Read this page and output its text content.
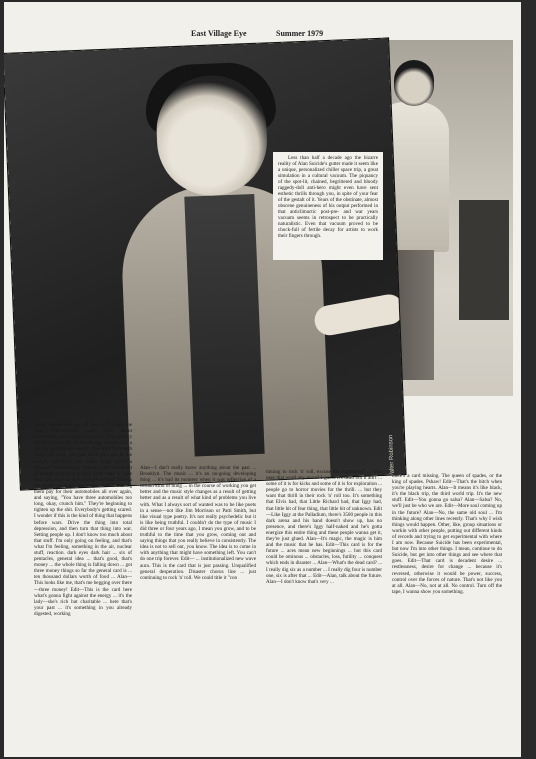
East Village Eye	Summer 1979
Walter Robinson
Less than half a decade ago the bizarre reality of Alan Suicide's gutter made it seem like a unique, personalized chiller space trip, a great simulation in a cultural vacuum. The piquancy of the spot-lit, chained, begrittered and bloody raggedy-doll anti-hero might even have sent esthetic thrills through you, in spite of your fear of the gestalt of it. Years of the obstinate, almost obscene genuineness of his output performed in that anticlimactic post-pre- and war years vacuum seems in retrospect to be practically naturalistic. Even that vacuum proved to be chock-full of fertile decay for artists to work their fingers through.

whistl teevee and get all their info from the tube. Edit—Before, wars were about boundaries, land, religion, politics. This century has been basically about energy, so they put a war on and through energy. You don't fight with troops on land, you just don't give gas to the people, and that's war. Alan—Yeah, there's a sense of mobilization, directing the movement of people according to how They want it. Take their gas away so they can't get around. Pull up the world pipelines, get people in line making them pay for their automobiles all over again, and saying, "You have three automobiles too long, okay, crunch him." They're beginning to tighten up the shit. Everybody's getting scared. I wonder if this is the kind of thing that happens before wars. Drive the thing into total depression, and then turn that thing into war. Setting people up. I don't know too much about that stuff. I'm only going on feeling, and that's what I'm feeling, something in the air, nuclear stuff, reaction. dark eyes dark hair ... six of pentacles, general idea ... that's good, that's money ... the whole thing is falling down ... got three money things so far the general card is ... ten thousand dollars worth of food ... Alan—This looks like me, that's me begging over there—three money! Edit—This is the card here what's gonna fight against the energy ... it's the lady—she's rich but charitable ... here that's your past ... it's something in you already digested, working

Alan—I don't really know anything about the past ... Brooklyn. The music ... it's an on-going developing thing ... it's had its moment when it was reflective of a certain kind of thing ... in the course of working you get better and the music style changes as a result of getting better and as a result of what kind of problems you live with. What I always sort of wanted was to be like poets in a sense—not like Jim Morrison or Patti Smith, but like visual type poetry. It's not really psychedelic but it is like being truthful. I couldn't do the type of music I did three or four years ago, I mean you grow, and to be truthful to the time that you grow, coming out and saying things that you really believe in consistently. The idea is not to sell out, you know. The idea is to come in with anything that might have something left. You can't do one trip forever. Edit— ... institutionalized new wave aura. This is the card that is just passing. Unqualified general desperation. Disaster chorus line ... just continuing to rock 'n' roll. We could title it "con

tinuing to rock 'n' roll, excuse the expression" ... who uses that word any more? I guess it's dead but it ain't ... some of it is for kicks and some of it is for exploration ... people go to horror movies for the thrill. ... but they want that thrill in their rock 'n' roll too. It's something that Elvis had, that Little Richard had, that Iggy had, that little bit of fear thing, that little bit of unknown. Edit—Like Iggy at the Palladium, there's 3500 people in this dark arena and his band doesn't show up, has no presence, and there's Iggy half-naked and he's gotta energize this entire thing and these people wanna get it, they're just glued. Alan—It's magic, the magic is him and the music that he has. Edit—This card is for the future ... aces mean new beginnings ... but this card could be ominous ... obstacles, loss, futility ... conquest which ends in disaster ... Alan—What's the dead card? ... I really dig six as a number ... I really dig four is number one, six is after that ... Edit—Alan, talk about the future. Alan—I don't know that's very ...

there's a card missing. The queen of spades, or the king of spades. Pshaw! Edit—That's the bitch when you're playing hearts. Alan—It means it's like black, it's the black trip, the third world trip. It's the new stuff. Edit—You gonna go salsa? Alan—Salsa? No, we'll just be who we are. Edit—More soul coming up in the future? Alan—No, the same old soul ... I'm thinking along other lines recently. That's why I wish things would happen. Other, like, group situations or workin with other people, putting out different kinds of records and trying to get experimental with where I am now. Because Suicide has been experimental, but now I'm into other things. I mean, continue to do Suicide, but get into other things and see where that goes. Edit—That card is decadent desire ... restlessness, desire for change ... because it's reversed, otherwise it would be power, success, control over the forces of nature. That's not like you at all. Alan—No, not at all. No control. Turn off the tape, I wanna show you something.
